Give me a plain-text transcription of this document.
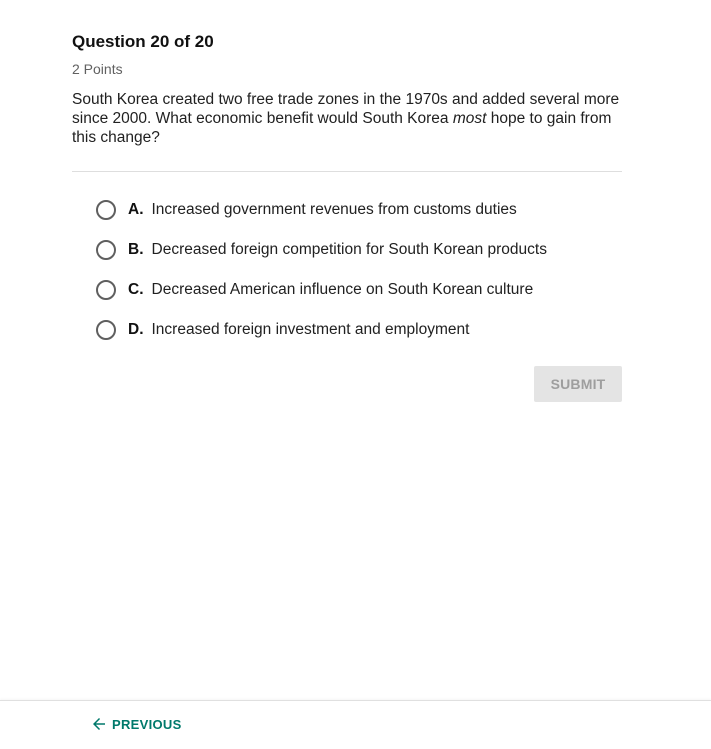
Question 20 of 20
2 Points
South Korea created two free trade zones in the 1970s and added several more since 2000. What economic benefit would South Korea most hope to gain from this change?
A. Increased government revenues from customs duties
B. Decreased foreign competition for South Korean products
C. Decreased American influence on South Korean culture
D. Increased foreign investment and employment
SUBMIT
PREVIOUS
